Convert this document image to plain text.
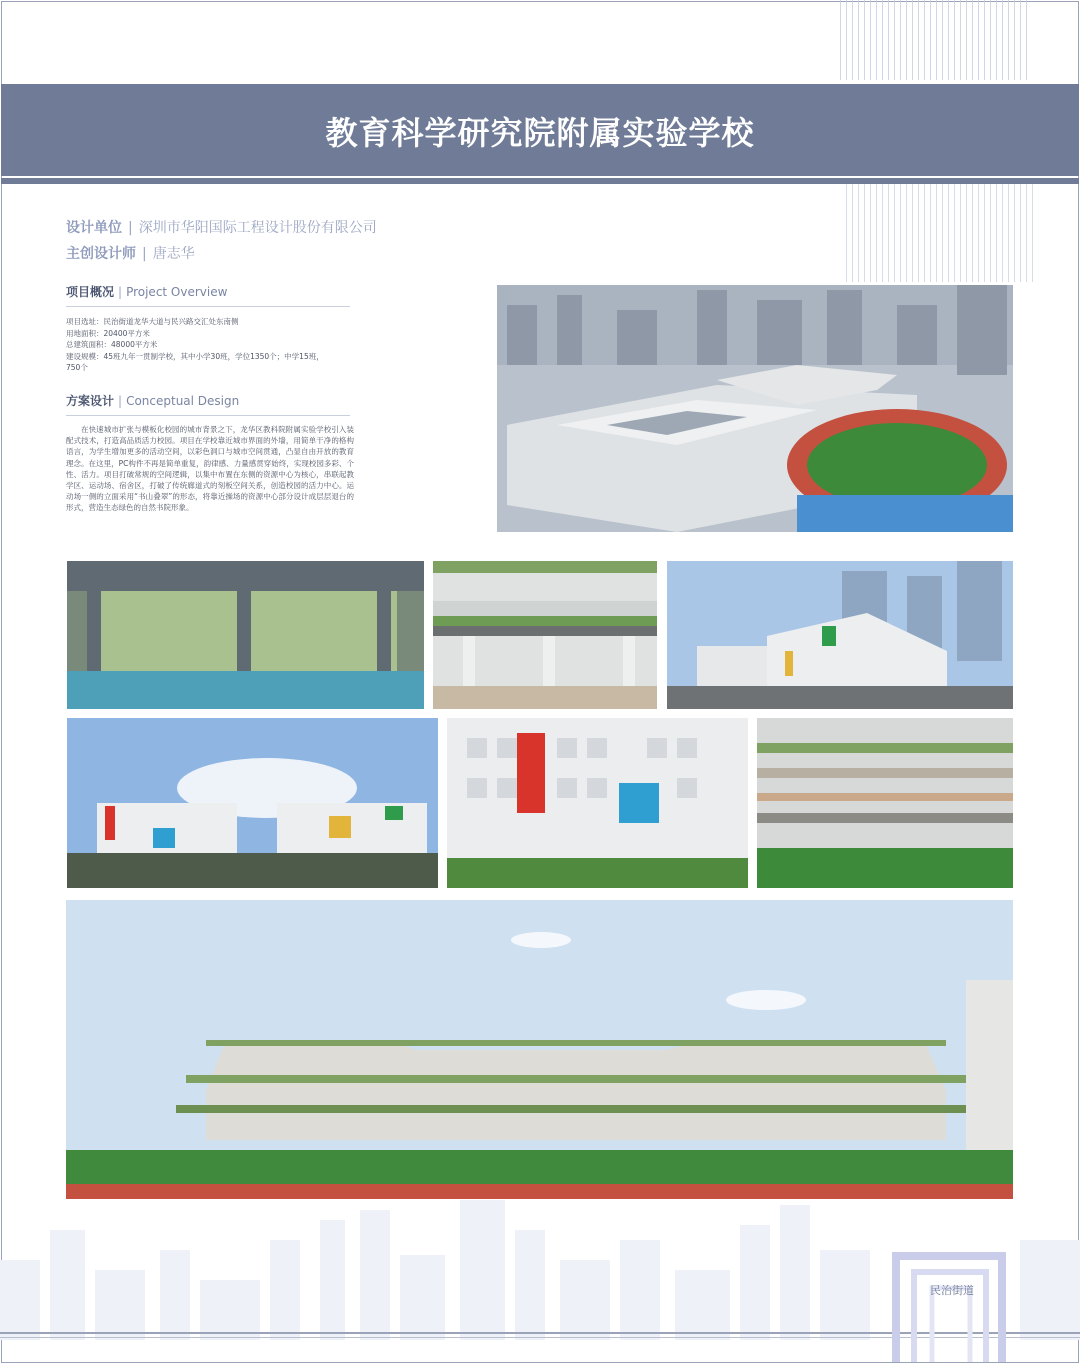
教育科学研究院附属实验学校
设计单位 | 深圳市华阳国际工程设计股份有限公司
主创设计师 | 唐志华
项目概况 | Project Overview
项目选址：民治街道龙华大道与民兴路交汇处东南侧
用地面积：20400平方米
总建筑面积：48000平方米
建设规模：45班九年一贯制学校，其中小学30班，学位1350个；中学15班，
750个
方案设计 | Conceptual Design
在快速城市扩张与模板化校园的城市背景之下，龙华区教科院附属实验学校引入装配式技术，打造高品质活力校园。项目在学校靠近城市界面的外墙，用简单干净的格构语言，为学生增加更多的活动空间，以彩色洞口与城市空间贯通，凸显自由开放的教育理念。在这里，PC构件不再是简单重复，韵律感、力量感贯穿始终，实现校园多彩、个性、活力。项目打破常规的空间逻辑，以集中布置在东侧的资源中心为核心，串联起教学区、运动场、宿舍区，打破了传统廊道式的刻板空间关系，创造校园的活力中心。运动场一侧的立面采用“书山叠翠”的形态，将靠近操场的资源中心部分设计成层层退台的形式，营造生态绿色的自然书院形象。
民治街道
